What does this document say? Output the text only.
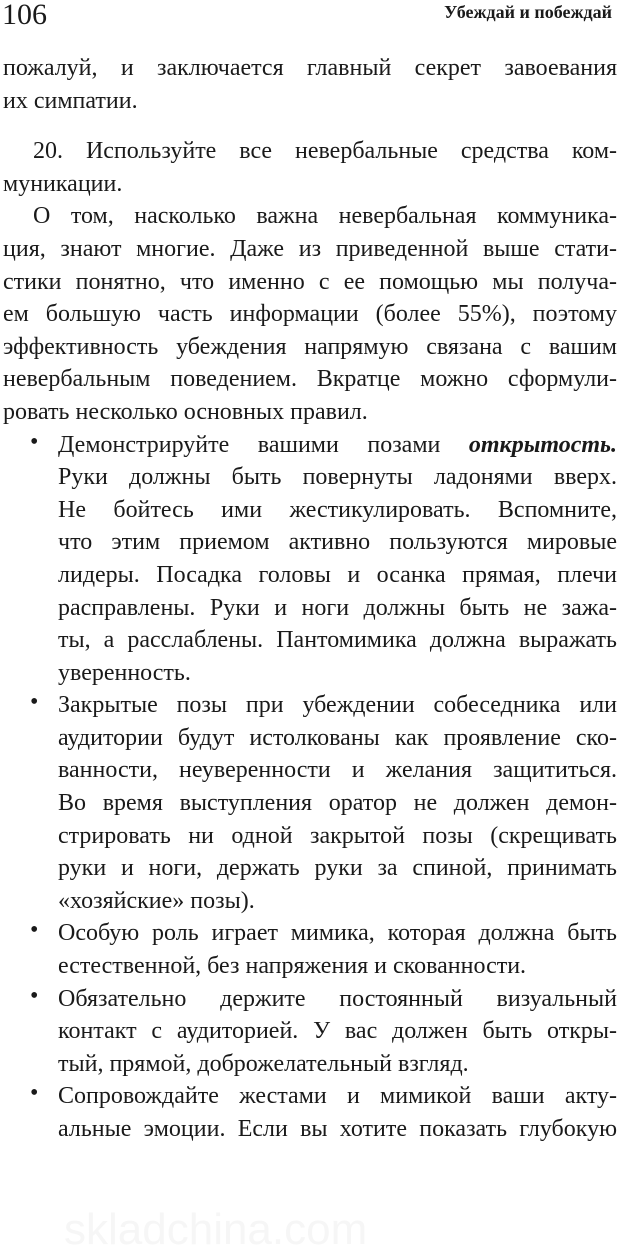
106	Убеждай и побеждай
пожалуй, и заключается главный секрет завоевания
их симпатии.
20. Используйте все невербальные средства ком-
муникации.
О том, насколько важна невербальная коммуника-
ция, знают многие. Даже из приведенной выше стати-
стики понятно, что именно с ее помощью мы получа-
ем большую часть информации (более 55%), поэтому
эффективность убеждения напрямую связана с вашим
невербальным поведением. Вкратце можно сформули-
ровать несколько основных правил.
• Демонстрируйте вашими позами открытость.
Руки должны быть повернуты ладонями вверх.
Не бойтесь ими жестикулировать. Вспомните,
что этим приемом активно пользуются мировые
лидеры. Посадка головы и осанка прямая, плечи
расправлены. Руки и ноги должны быть не зажа-
ты, а расслаблены. Пантомимика должна выражать
уверенность.
• Закрытые позы при убеждении собеседника или
аудитории будут истолкованы как проявление ско-
ванности, неуверенности и желания защититься.
Во время выступления оратор не должен демон-
стрировать ни одной закрытой позы (скрещивать
руки и ноги, держать руки за спиной, принимать
«хозяйские» позы).
• Особую роль играет мимика, которая должна быть
естественной, без напряжения и скованности.
• Обязательно держите постоянный визуальный
контакт с аудиторией. У вас должен быть откры-
тый, прямой, доброжелательный взгляд.
• Сопровождайте жестами и мимикой ваши акту-
альные эмоции. Если вы хотите показать глубокую
skladchina.com
